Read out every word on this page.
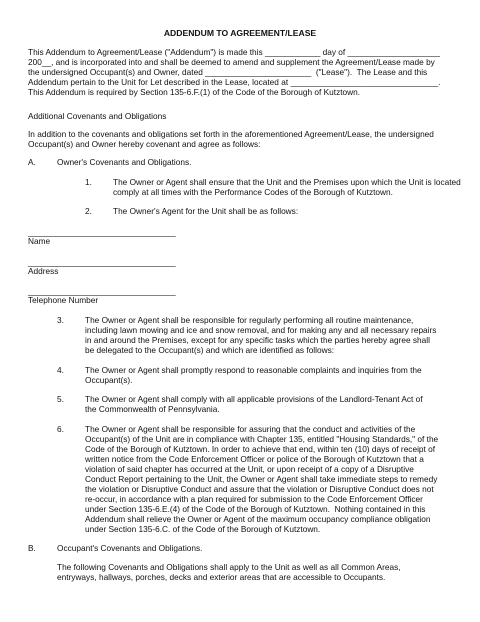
ADDENDUM TO AGREEMENT/LEASE
This Addendum to Agreement/Lease ("Addendum") is made this ____________ day of ____________________
200__, and is incorporated into and shall be deemed to amend and supplement the Agreement/Lease made by
the undersigned Occupant(s) and Owner, dated _______________________  ("Lease").  The Lease and this
Addendum pertain to the Unit for Let described in the Lease, located at ________________________________.
This Addendum is required by Section 135-6.F.(1) of the Code of the Borough of Kutztown.
Additional Covenants and Obligations
In addition to the covenants and obligations set forth in the aforementioned Agreement/Lease, the undersigned
Occupant(s) and Owner hereby covenant and agree as follows:
A.	Owner's Covenants and Obligations.
1.	The Owner or Agent shall ensure that the Unit and the Premises upon which the Unit is located
comply at all times with the Performance Codes of the Borough of Kutztown.
2.	The Owner's Agent for the Unit shall be as follows:
________________________________
Name
________________________________
Address
________________________________
Telephone Number
3.	The Owner or Agent shall be responsible for regularly performing all routine maintenance,
including lawn mowing and ice and snow removal, and for making any and all necessary repairs
in and around the Premises, except for any specific tasks which the parties hereby agree shall
be delegated to the Occupant(s) and which are identified as follows:
4.	The Owner or Agent shall promptly respond to reasonable complaints and inquiries from the
Occupant(s).
5.	The Owner or Agent shall comply with all applicable provisions of the Landlord-Tenant Act of
the Commonwealth of Pennsylvania.
6.	The Owner or Agent shall be responsible for assuring that the conduct and activities of the
Occupant(s) of the Unit are in compliance with Chapter 135, entitled "Housing Standards," of the
Code of the Borough of Kutztown. In order to achieve that end, within ten (10) days of receipt of
written notice from the Code Enforcement Officer or police of the Borough of Kutztown that a
violation of said chapter has occurred at the Unit, or upon receipt of a copy of a Disruptive
Conduct Report pertaining to the Unit, the Owner or Agent shall take immediate steps to remedy
the violation or Disruptive Conduct and assure that the violation or Disruptive Conduct does not
re-occur, in accordance with a plan required for submission to the Code Enforcement Officer
under Section 135-6.E.(4) of the Code of the Borough of Kutztown.  Nothing contained in this
Addendum shall relieve the Owner or Agent of the maximum occupancy compliance obligation
under Section 135-6.C. of the Code of the Borough of Kutztown.
B.	Occupant's Covenants and Obligations.
The following Covenants and Obligations shall apply to the Unit as well as all Common Areas,
entryways, hallways, porches, decks and exterior areas that are accessible to Occupants.
